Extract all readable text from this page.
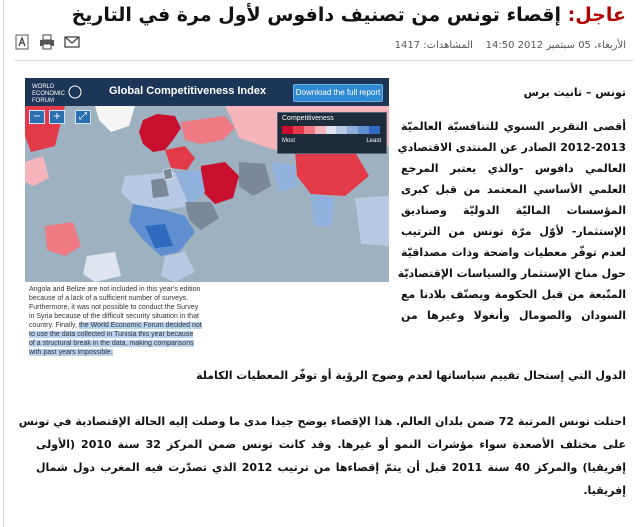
عاجل: إقصاء تونس من تصنيف دافوس لأول مرة في التاريخ
الأربعاء، 05 سبتمبر 2012 14:50    المشاهدات: 1417
تونس – تانيت برس
WORLD
ECONOMIC
FORUM
Global Competitiveness Index	Download the full report
−	+	⤢	Competitiveness
Most	Least
Angola and Belize are not included in this year's edition
because of a lack of a sufficient number of surveys.
Furthermore, it was not possible to conduct the Survey
in Syria because of the difficult security situation in that
country. Finally, the World Economic Forum decided not
to use the data collected in Tunisia this year because
of a structural break in the data, making comparisons
with past years impossible.
أقصى التقرير السنوي للتنافسيّة العالميّة
2012-2013 الصادر عن المنتدى الاقتصادي
العالمي دافوس -والذي يعتبر المرجع
العلمي الأساسي المعتمد من قبل كبرى
المؤسسات الماليّة الدوليّة وصناديق
الإستثمار- لأوّل مرّة تونس من الترتيب
لعدم توفّر معطيات واضحة وذات مصداقيّة
حول مناخ الإستثمار والسياسات الإقتصاديّة
المتّبعة من قبل الحكومة ويصنّف بلادنا مع
السودان والصومال وأنغولا وغيرها من
الدول التي إستحال تقييم سياساتها لعدم وضوح الرؤية أو توفّر المعطيات الكاملة
احتلت تونس المرتبة 72 ضمن بلدان العالم. هذا الإقصاء يوضح جيدا مدى ما وصلت إليه الحالة الإقتصادية في تونس
على مختلف الأصعدة سواء مؤشرات النمو أو غيرها. وقد كانت تونس ضمن المركز 32 سنة 2010 (الأولى
إفريقيا) والمركز 40 سنة 2011 قبل أن يتمّ إقصاءها من ترتيب 2012 الذي تصدّرت فيه المغرب دول شمال
إفريقيا.
